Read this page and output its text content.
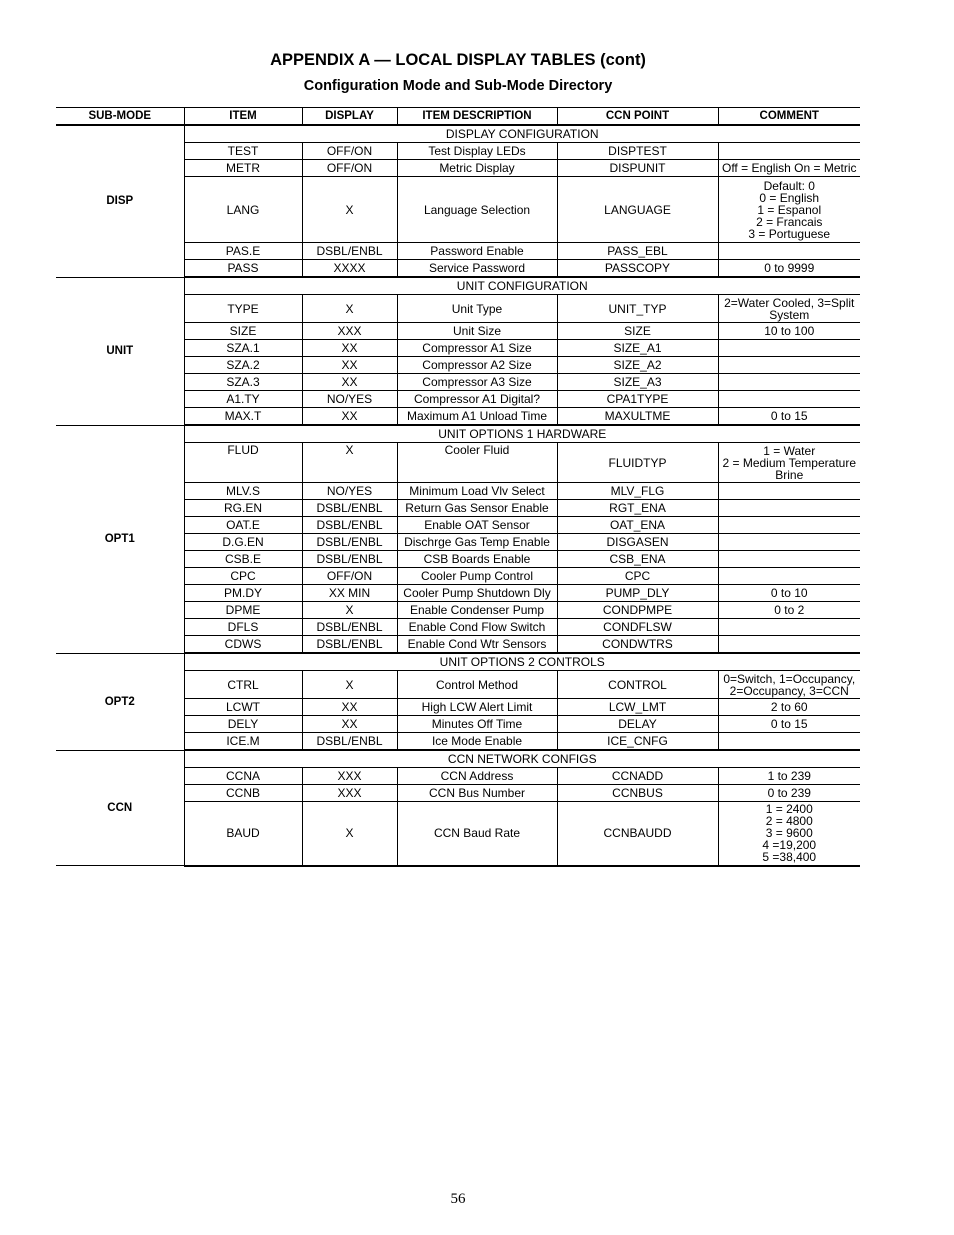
APPENDIX A — LOCAL DISPLAY TABLES (cont)
Configuration Mode and Sub-Mode Directory
SUB-MODE	ITEM	DISPLAY	ITEM DESCRIPTION	CCN POINT	COMMENT
DISP	DISPLAY CONFIGURATION				
	TEST	OFF/ON	Test Display LEDs	DISPTEST	
	METR	OFF/ON	Metric Display	DISPUNIT	Off = English On = Metric
	LANG	X	Language Selection	LANGUAGE	Default: 0
0 = English
1 = Espanol
2 = Francais
3 = Portuguese
	PAS.E	DSBL/ENBL	Password Enable	PASS_EBL	
	PASS	XXXX	Service Password	PASSCOPY	0 to 9999
UNIT	UNIT CONFIGURATION				
	TYPE	X	Unit Type	UNIT_TYP	2=Water Cooled, 3=Split
System
	SIZE	XXX	Unit Size	SIZE	10 to 100
	SZA.1	XX	Compressor A1 Size	SIZE_A1	
	SZA.2	XX	Compressor A2 Size	SIZE_A2	
	SZA.3	XX	Compressor A3 Size	SIZE_A3	
	A1.TY	NO/YES	Compressor A1 Digital?	CPA1TYPE	
	MAX.T	XX	Maximum A1 Unload Time	MAXULTME	0 to 15
OPT1	UNIT OPTIONS 1 HARDWARE				
	FLUD	X	Cooler Fluid	FLUIDTYP	1 = Water
2 = Medium Temperature
Brine
	MLV.S	NO/YES	Minimum Load Vlv Select	MLV_FLG	
	RG.EN	DSBL/ENBL	Return Gas Sensor Enable	RGT_ENA	
	OAT.E	DSBL/ENBL	Enable OAT Sensor	OAT_ENA	
	D.G.EN	DSBL/ENBL	Dischrge Gas Temp Enable	DISGASEN	
	CSB.E	DSBL/ENBL	CSB Boards Enable	CSB_ENA	
	CPC	OFF/ON	Cooler Pump Control	CPC	
	PM.DY	XX MIN	Cooler Pump Shutdown Dly	PUMP_DLY	0 to 10
	DPME	X	Enable Condenser Pump	CONDPMPE	0 to 2
	DFLS	DSBL/ENBL	Enable Cond Flow Switch	CONDFLSW	
	CDWS	DSBL/ENBL	Enable Cond Wtr Sensors	CONDWTRS	
OPT2	UNIT OPTIONS 2 CONTROLS				
	CTRL	X	Control Method	CONTROL	0=Switch, 1=Occupancy,
2=Occupancy, 3=CCN
	LCWT	XX	High LCW Alert Limit	LCW_LMT	2 to 60
	DELY	XX	Minutes Off Time	DELAY	0 to 15
	ICE.M	DSBL/ENBL	Ice Mode Enable	ICE_CNFG	
CCN	CCN NETWORK CONFIGS				
	CCNA	XXX	CCN Address	CCNADD	1 to 239
	CCNB	XXX	CCN Bus Number	CCNBUS	0 to 239
	BAUD	X	CCN Baud Rate	CCNBAUDD	1 = 2400
2 = 4800
3 = 9600
4 =19,200
5 =38,400
56
